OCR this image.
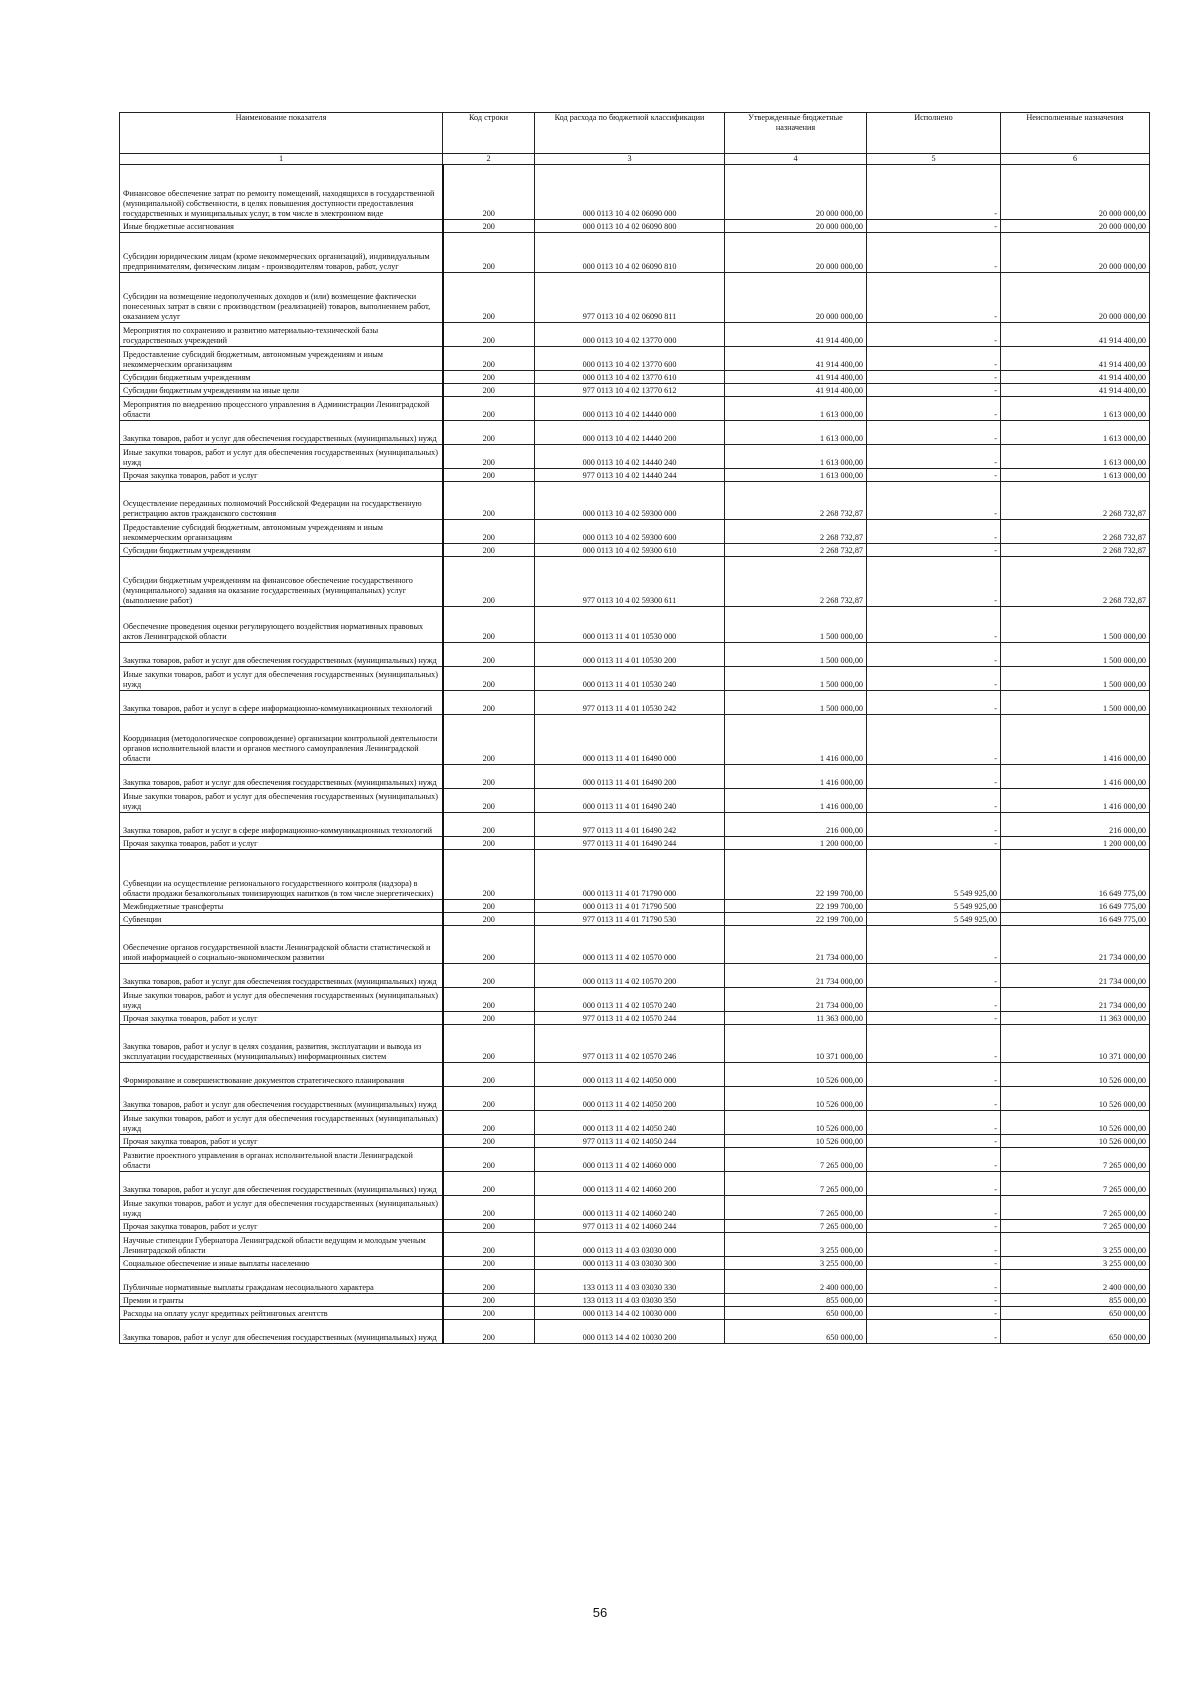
Наименование показателя	Код строки	Код расхода по бюджетной классификации	Утвержденные бюджетные назначения	Исполнено	Неисполненные назначения
1	2	3	4	5	6
Финансовое обеспечение затрат по ремонту помещений, находящихся в государственной (муниципальной) собственности, в целях повышения доступности предоставления государственных и муниципальных услуг, в том числе в электронном виде	200	000 0113 10 4 02 06090 000	20 000 000,00	-	20 000 000,00
Иные бюджетные ассигнования	200	000 0113 10 4 02 06090 800	20 000 000,00	-	20 000 000,00
Субсидии юридическим лицам (кроме некоммерческих организаций), индивидуальным предпринимателям, физическим лицам - производителям товаров, работ, услуг	200	000 0113 10 4 02 06090 810	20 000 000,00	-	20 000 000,00
Субсидии на возмещение недополученных доходов и (или) возмещение фактически понесенных затрат в связи с производством (реализацией) товаров, выполнением работ, оказанием услуг	200	977 0113 10 4 02 06090 811	20 000 000,00	-	20 000 000,00
Мероприятия по сохранению и развитию материально-технической базы государственных учреждений	200	000 0113 10 4 02 13770 000	41 914 400,00	-	41 914 400,00
Предоставление субсидий бюджетным, автономным учреждениям и иным некоммерческим организациям	200	000 0113 10 4 02 13770 600	41 914 400,00	-	41 914 400,00
Субсидии бюджетным учреждениям	200	000 0113 10 4 02 13770 610	41 914 400,00	-	41 914 400,00
Субсидии бюджетным учреждениям на иные цели	200	977 0113 10 4 02 13770 612	41 914 400,00	-	41 914 400,00
Мероприятия по внедрению процессного управления в Администрации Ленинградской области	200	000 0113 10 4 02 14440 000	1 613 000,00	-	1 613 000,00
Закупка товаров, работ и услуг для обеспечения государственных (муниципальных) нужд	200	000 0113 10 4 02 14440 200	1 613 000,00	-	1 613 000,00
Иные закупки товаров, работ и услуг для обеспечения государственных (муниципальных) нужд	200	000 0113 10 4 02 14440 240	1 613 000,00	-	1 613 000,00
Прочая закупка товаров, работ и услуг	200	977 0113 10 4 02 14440 244	1 613 000,00	-	1 613 000,00
Осуществление переданных полномочий Российской Федерации на государственную регистрацию актов гражданского состояния	200	000 0113 10 4 02 59300 000	2 268 732,87	-	2 268 732,87
Предоставление субсидий бюджетным, автономным учреждениям и иным некоммерческим организациям	200	000 0113 10 4 02 59300 600	2 268 732,87	-	2 268 732,87
Субсидии бюджетным учреждениям	200	000 0113 10 4 02 59300 610	2 268 732,87	-	2 268 732,87
Субсидии бюджетным учреждениям на финансовое обеспечение государственного (муниципального) задания на оказание государственных (муниципальных) услуг (выполнение работ)	200	977 0113 10 4 02 59300 611	2 268 732,87	-	2 268 732,87
Обеспечение проведения оценки регулирующего воздействия нормативных правовых актов Ленинградской области	200	000 0113 11 4 01 10530 000	1 500 000,00	-	1 500 000,00
Закупка товаров, работ и услуг для обеспечения государственных (муниципальных) нужд	200	000 0113 11 4 01 10530 200	1 500 000,00	-	1 500 000,00
Иные закупки товаров, работ и услуг для обеспечения государственных (муниципальных) нужд	200	000 0113 11 4 01 10530 240	1 500 000,00	-	1 500 000,00
Закупка товаров, работ и услуг в сфере информационно-коммуникационных технологий	200	977 0113 11 4 01 10530 242	1 500 000,00	-	1 500 000,00
Координация (методологическое сопровождение) организации контрольной деятельности органов исполнительной власти и органов местного самоуправления Ленинградской области	200	000 0113 11 4 01 16490 000	1 416 000,00	-	1 416 000,00
Закупка товаров, работ и услуг для обеспечения государственных (муниципальных) нужд	200	000 0113 11 4 01 16490 200	1 416 000,00	-	1 416 000,00
Иные закупки товаров, работ и услуг для обеспечения государственных (муниципальных) нужд	200	000 0113 11 4 01 16490 240	1 416 000,00	-	1 416 000,00
Закупка товаров, работ и услуг в сфере информационно-коммуникационных технологий	200	977 0113 11 4 01 16490 242	216 000,00	-	216 000,00
Прочая закупка товаров, работ и услуг	200	977 0113 11 4 01 16490 244	1 200 000,00	-	1 200 000,00
Субвенции на осуществление регионального государственного контроля (надзора) в области продажи безалкогольных тонизирующих напитков (в том числе энергетических)	200	000 0113 11 4 01 71790 000	22 199 700,00	5 549 925,00	16 649 775,00
Межбюджетные трансферты	200	000 0113 11 4 01 71790 500	22 199 700,00	5 549 925,00	16 649 775,00
Субвенции	200	977 0113 11 4 01 71790 530	22 199 700,00	5 549 925,00	16 649 775,00
Обеспечение органов государственной власти Ленинградской области статистической и иной информацией о социально-экономическом развитии	200	000 0113 11 4 02 10570 000	21 734 000,00	-	21 734 000,00
Закупка товаров, работ и услуг для обеспечения государственных (муниципальных) нужд	200	000 0113 11 4 02 10570 200	21 734 000,00	-	21 734 000,00
Иные закупки товаров, работ и услуг для обеспечения государственных (муниципальных) нужд	200	000 0113 11 4 02 10570 240	21 734 000,00	-	21 734 000,00
Прочая закупка товаров, работ и услуг	200	977 0113 11 4 02 10570 244	11 363 000,00	-	11 363 000,00
Закупка товаров, работ и услуг в целях создания, развития, эксплуатации и вывода из эксплуатации государственных (муниципальных) информационных систем	200	977 0113 11 4 02 10570 246	10 371 000,00	-	10 371 000,00
Формирование и совершенствование документов стратегического планирования	200	000 0113 11 4 02 14050 000	10 526 000,00	-	10 526 000,00
Закупка товаров, работ и услуг для обеспечения государственных (муниципальных) нужд	200	000 0113 11 4 02 14050 200	10 526 000,00	-	10 526 000,00
Иные закупки товаров, работ и услуг для обеспечения государственных (муниципальных) нужд	200	000 0113 11 4 02 14050 240	10 526 000,00	-	10 526 000,00
Прочая закупка товаров, работ и услуг	200	977 0113 11 4 02 14050 244	10 526 000,00	-	10 526 000,00
Развитие проектного управления в органах исполнительной власти Ленинградской области	200	000 0113 11 4 02 14060 000	7 265 000,00	-	7 265 000,00
Закупка товаров, работ и услуг для обеспечения государственных (муниципальных) нужд	200	000 0113 11 4 02 14060 200	7 265 000,00	-	7 265 000,00
Иные закупки товаров, работ и услуг для обеспечения государственных (муниципальных) нужд	200	000 0113 11 4 02 14060 240	7 265 000,00	-	7 265 000,00
Прочая закупка товаров, работ и услуг	200	977 0113 11 4 02 14060 244	7 265 000,00	-	7 265 000,00
Научные стипендии Губернатора Ленинградской области ведущим и молодым ученым Ленинградской области	200	000 0113 11 4 03 03030 000	3 255 000,00	-	3 255 000,00
Социальное обеспечение и иные выплаты населению	200	000 0113 11 4 03 03030 300	3 255 000,00	-	3 255 000,00
Публичные нормативные выплаты гражданам несоциального характера	200	133 0113 11 4 03 03030 330	2 400 000,00	-	2 400 000,00
Премии и гранты	200	133 0113 11 4 03 03030 350	855 000,00	-	855 000,00
Расходы на оплату услуг кредитных рейтинговых агентств	200	000 0113 14 4 02 10030 000	650 000,00	-	650 000,00
Закупка товаров, работ и услуг для обеспечения государственных (муниципальных) нужд	200	000 0113 14 4 02 10030 200	650 000,00	-	650 000,00
56
